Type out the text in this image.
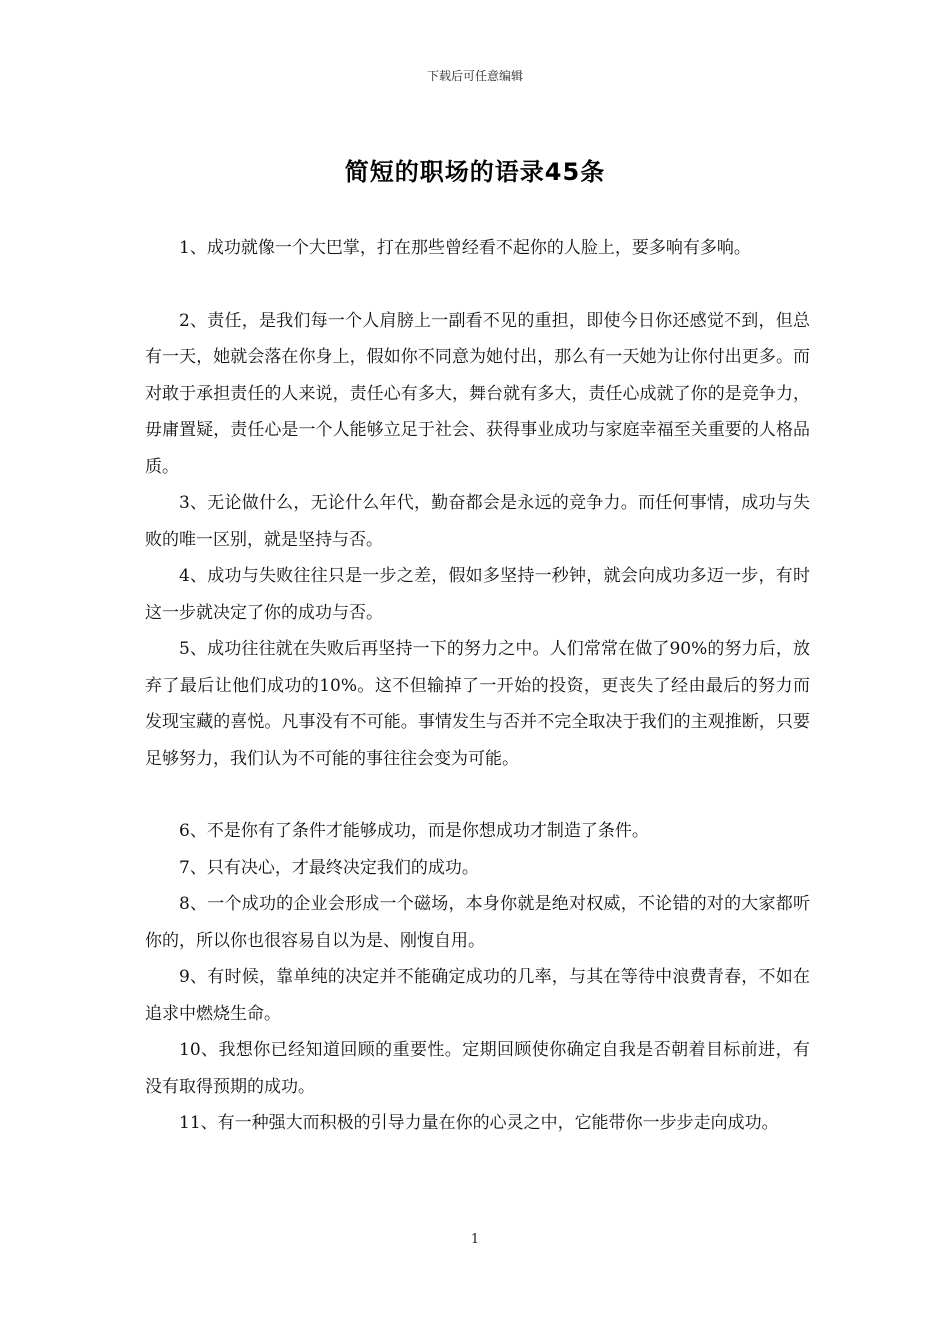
下载后可任意编辑
简短的职场的语录45条

1、成功就像一个大巴掌，打在那些曾经看不起你的人脸上，要多响有多响。

2、责任，是我们每一个人肩膀上一副看不见的重担，即使今日你还感觉不到，但总有一天，她就会落在你身上，假如你不同意为她付出，那么有一天她为让你付出更多。而对敢于承担责任的人来说，责任心有多大，舞台就有多大，责任心成就了你的是竞争力，毋庸置疑，责任心是一个人能够立足于社会、获得事业成功与家庭幸福至关重要的人格品质。

3、无论做什么，无论什么年代，勤奋都会是永远的竞争力。而任何事情，成功与失败的唯一区别，就是坚持与否。

4、成功与失败往往只是一步之差，假如多坚持一秒钟，就会向成功多迈一步，有时这一步就决定了你的成功与否。

5、成功往往就在失败后再坚持一下的努力之中。人们常常在做了90%的努力后，放弃了最后让他们成功的10%。这不但输掉了一开始的投资，更丧失了经由最后的努力而发现宝藏的喜悦。凡事没有不可能。事情发生与否并不完全取决于我们的主观推断，只要足够努力，我们认为不可能的事往往会变为可能。

6、不是你有了条件才能够成功，而是你想成功才制造了条件。

7、只有决心，才最终决定我们的成功。

8、一个成功的企业会形成一个磁场，本身你就是绝对权威，不论错的对的大家都听你的，所以你也很容易自以为是、刚愎自用。

9、有时候，靠单纯的决定并不能确定成功的几率，与其在等待中浪费青春，不如在追求中燃烧生命。

10、我想你已经知道回顾的重要性。定期回顾使你确定自我是否朝着目标前进，有没有取得预期的成功。

11、有一种强大而积极的引导力量在你的心灵之中，它能带你一步步走向成功。

1
